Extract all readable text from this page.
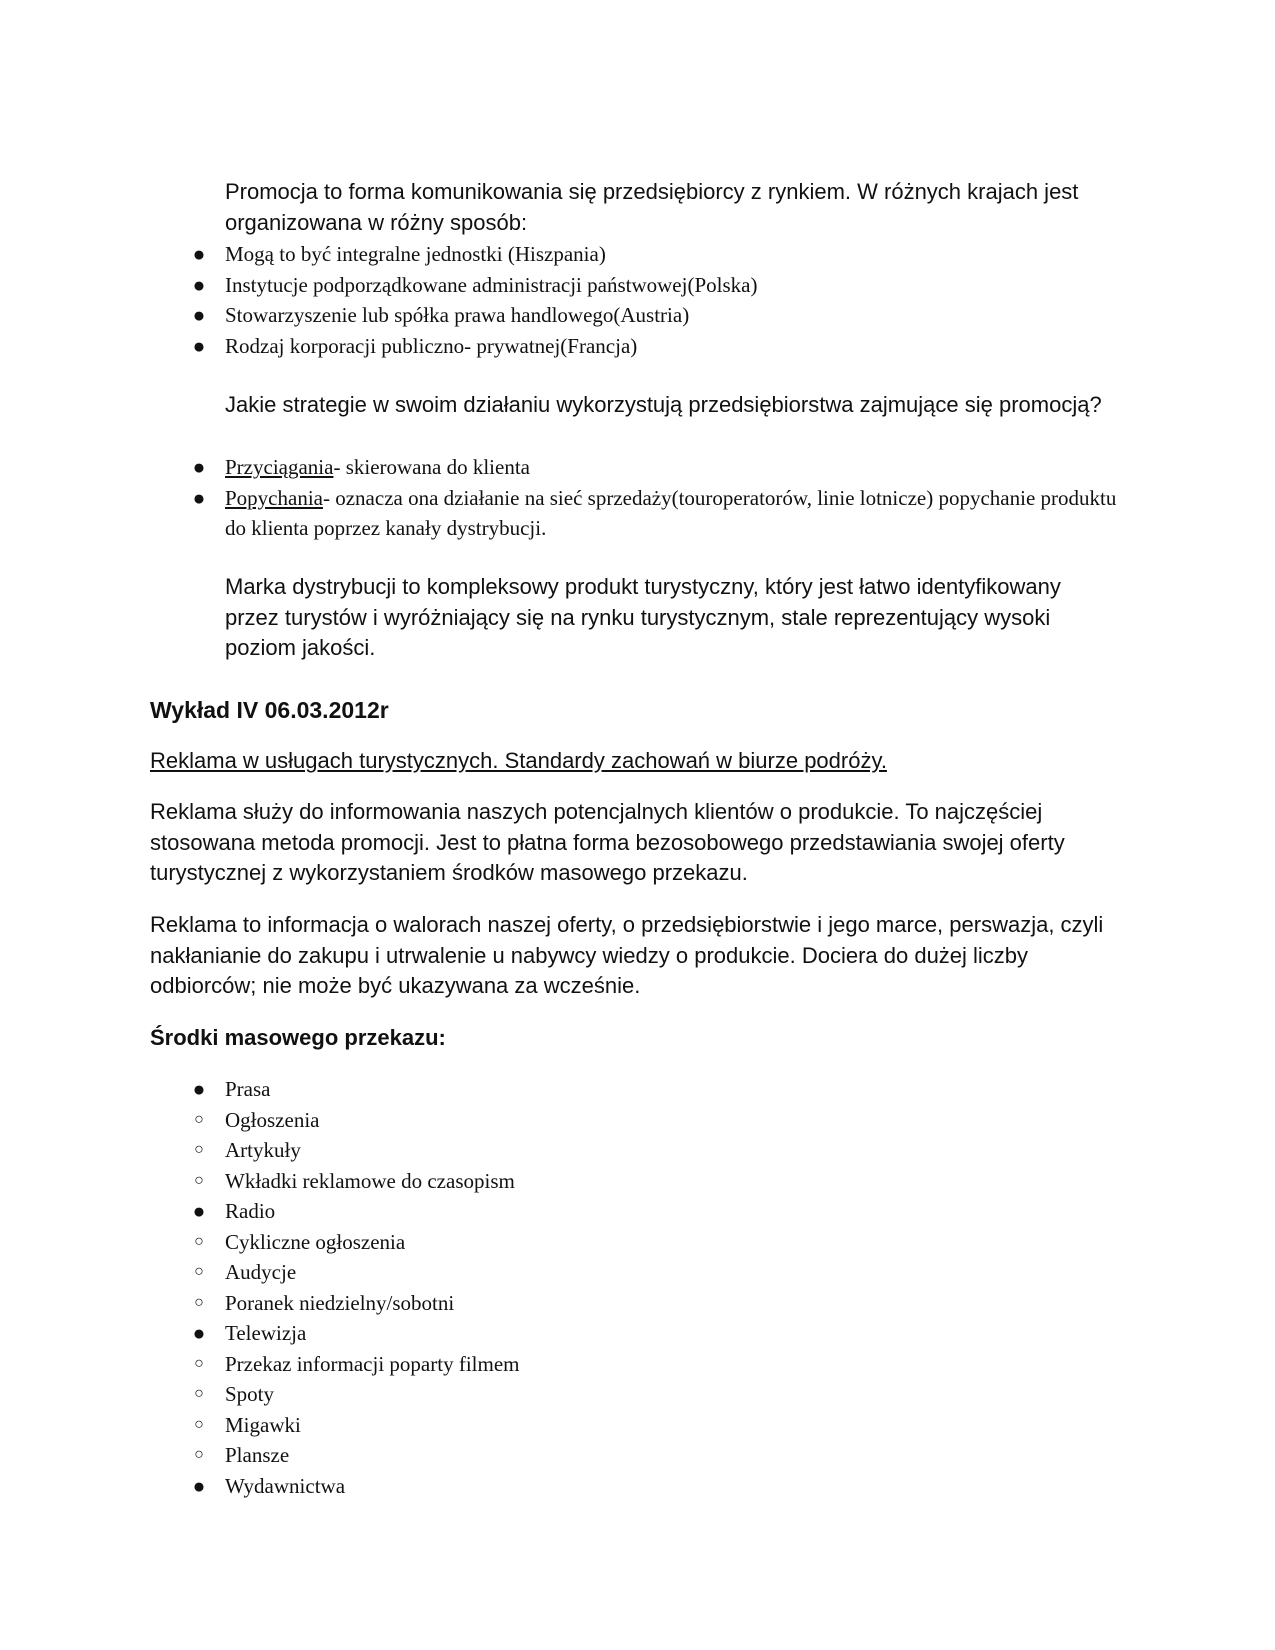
Promocja to forma komunikowania się przedsiębiorcy z rynkiem. W różnych krajach jest organizowana w różny sposób:

● Mogą to być integralne jednostki (Hiszpania)
● Instytucje podporządkowane administracji państwowej(Polska)
● Stowarzyszenie lub spółka prawa handlowego(Austria)
● Rodzaj korporacji publiczno- prywatnej(Francja)

Jakie strategie w swoim działaniu wykorzystują przedsiębiorstwa zajmujące się promocją?

● Przyciągania- skierowana do klienta
● Popychania- oznacza ona działanie na sieć sprzedaży(touroperatorów, linie lotnicze) popychanie produktu do klienta poprzez kanały dystrybucji.

Marka dystrybucji to kompleksowy produkt turystyczny, który jest łatwo identyfikowany przez turystów i wyróżniający się na rynku turystycznym, stale reprezentujący wysoki poziom jakości.

Wykład IV 06.03.2012r

Reklama w usługach turystycznych. Standardy zachowań w biurze podróży.

Reklama służy do informowania naszych potencjalnych klientów o produkcie. To najczęściej stosowana metoda promocji. Jest to płatna forma bezosobowego przedstawiania swojej oferty turystycznej z wykorzystaniem środków masowego przekazu.

Reklama to informacja o walorach naszej oferty, o przedsiębiorstwie i jego marce, perswazja, czyli nakłanianie do zakupu i utrwalenie u nabywcy wiedzy o produkcie. Dociera do dużej liczby odbiorców; nie może być ukazywana za wcześnie.

Środki masowego przekazu:

● Prasa
○ Ogłoszenia
○ Artykuły
○ Wkładki reklamowe do czasopism
● Radio
○ Cykliczne ogłoszenia
○ Audycje
○ Poranek niedzielny/sobotni
● Telewizja
○ Przekaz informacji poparty filmem
○ Spoty
○ Migawki
○ Plansze
● Wydawnictwa
